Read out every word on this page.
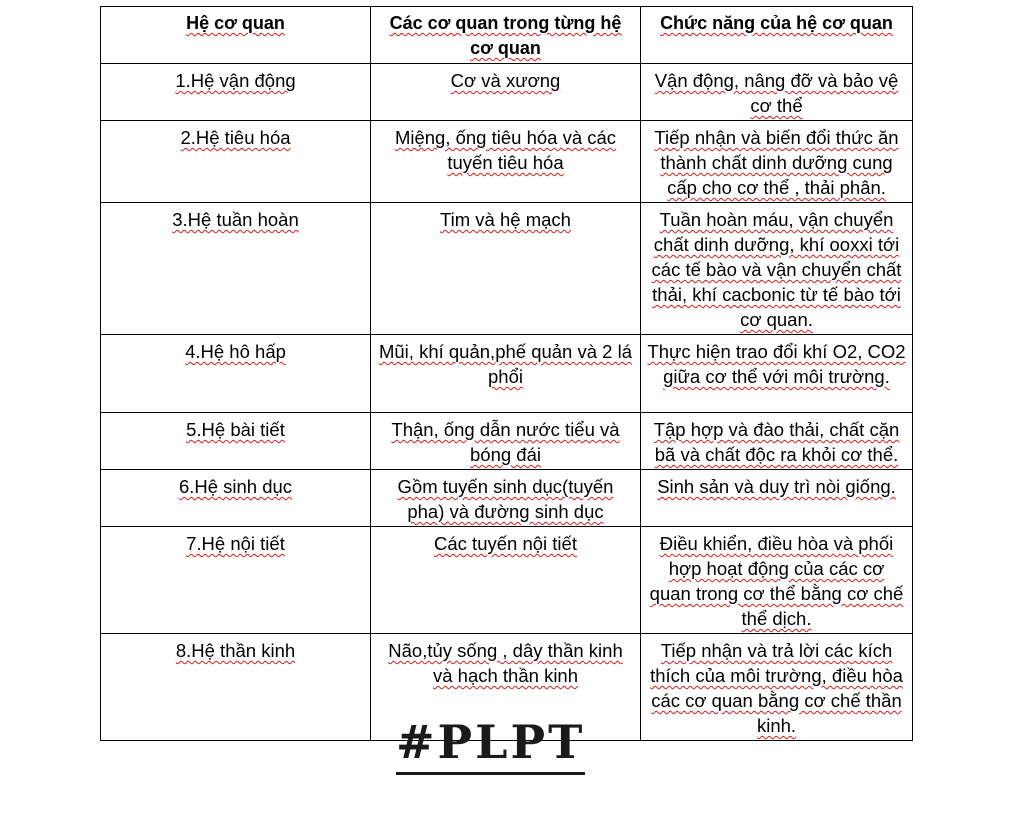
Hệ cơ quan	Các cơ quan trong từng hệ cơ quan	Chức năng của hệ cơ quan
1.Hệ vận động	Cơ và xương	Vận động, nâng đỡ và bảo vệ cơ thể
2.Hệ tiêu hóa	Miệng, ống tiêu hóa và các tuyến tiêu hóa	Tiếp nhận và biến đổi thức ăn thành chất dinh dưỡng cung cấp cho cơ thể , thải phân.
3.Hệ tuần hoàn	Tim và hệ mạch	Tuần hoàn máu, vận chuyển chất dinh dưỡng, khí ooxxi tới các tế bào và vận chuyển chất thải, khí cacbonic từ tế bào tới cơ quan.
4.Hệ hô hấp	Mũi, khí quản,phế quản và 2 lá phổi	Thực hiện trao đổi khí O2, CO2 giữa cơ thể với môi trường.
5.Hệ bài tiết	Thận, ống dẫn nước tiểu và bóng đái	Tập hợp và đào thải, chất cặn bã và chất độc ra khỏi cơ thể.
6.Hệ sinh dục	Gồm tuyến sinh dục(tuyến pha) và đường sinh dục	Sinh sản và duy trì nòi giống.
7.Hệ nội tiết	Các tuyến nội tiết	Điều khiển, điều hòa và phối hợp hoạt động của các cơ quan trong cơ thể bằng cơ chế thể dịch.
8.Hệ thần kinh	Não,tủy sống , dây thần kinh và hạch thần kinh	Tiếp nhận và trả lời các kích thích của môi trường, điều hòa các cơ quan bằng cơ chế thần kinh.
#PLPT
